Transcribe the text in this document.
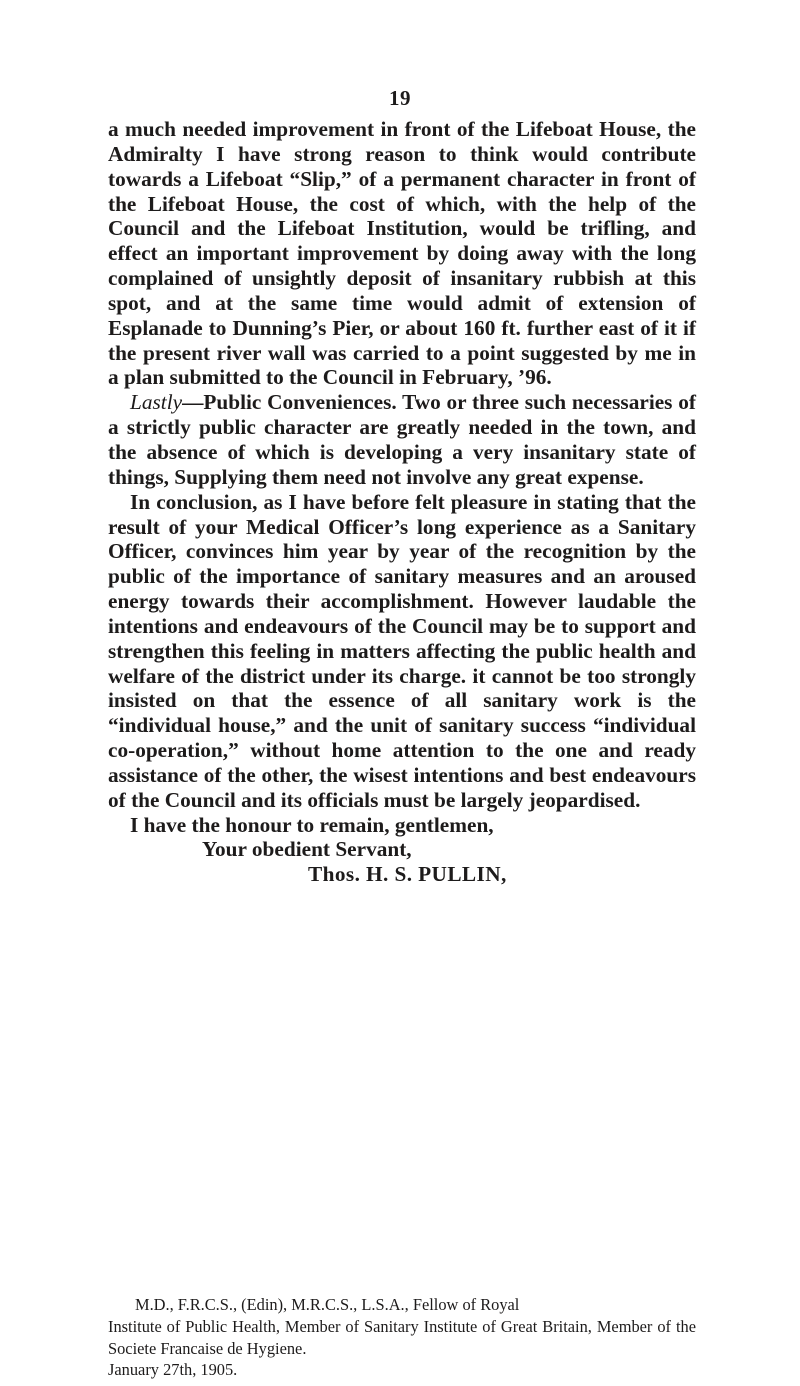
19

a much needed improvement in front of the Lifeboat House, the Admiralty I have strong reason to think would contribute towards a Lifeboat “Slip,” of a permanent character in front of the Lifeboat House, the cost of which, with the help of the Council and the Lifeboat Institution, would be trifling, and effect an important improvement by doing away with the long complained of unsightly deposit of insanitary rubbish at this spot, and at the same time would admit of extension of Esplanade to Dunning’s Pier, or about 160 ft. further east of it if the present river wall was carried to a point suggested by me in a plan submitted to the Council in February, ’96.

Lastly—Public Conveniences. Two or three such necessaries of a strictly public character are greatly needed in the town, and the absence of which is developing a very insanitary state of things, Supplying them need not involve any great expense.

In conclusion, as I have before felt pleasure in stating that the result of your Medical Officer’s long experience as a Sanitary Officer, convinces him year by year of the recognition by the public of the importance of sanitary measures and an aroused energy towards their accomplishment. However laudable the intentions and endeavours of the Council may be to support and strengthen this feeling in matters affecting the public health and welfare of the district under its charge. it cannot be too strongly insisted on that the essence of all sanitary work is the “individual house,” and the unit of sanitary success “individual co-operation,” without home attention to the one and ready assistance of the other, the wisest intentions and best endeavours of the Council and its officials must be largely jeopardised.

I have the honour to remain, gentlemen,

Your obedient Servant,

Thos. H. S. PULLIN,

M.D., F.R.C.S., (Edin), M.R.C.S., L.S.A., Fellow of Royal

Institute of Public Health, Member of Sanitary Institute of Great Britain, Member of the Societe Francaise de Hygiene.

January 27th, 1905.
